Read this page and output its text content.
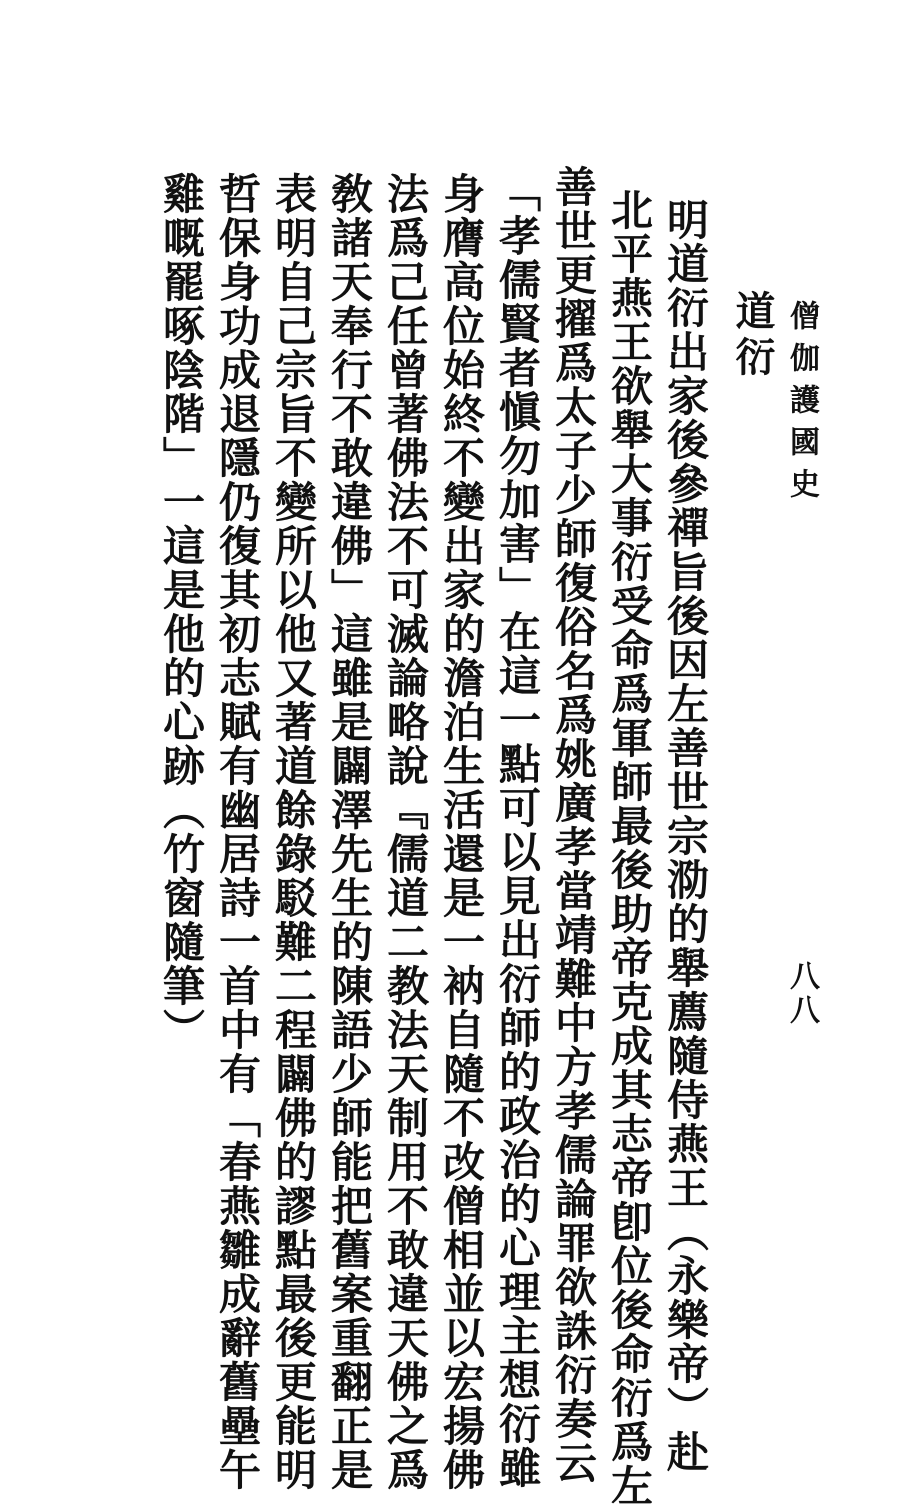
僧伽護國史
八八
道衍
明道衍出家後參禪旨後因左善世宗泐的舉薦隨侍燕王（永樂帝）赴
北平燕王欲舉大事衍受命爲軍師最後助帝克成其志帝卽位後命衍爲左
善世更擢爲太子少師復俗名爲姚廣孝當靖難中方孝儒論罪欲誅衍奏云
「孝儒賢者愼勿加害」在這一點可以見出衍師的政治的心理主想衍雖
身膺高位始終不變出家的澹泊生活還是一衲自隨不改僧相並以宏揚佛
法爲己任曾著佛法不可滅論略說『儒道二教法天制用不敢違天佛之爲
敎諸天奉行不敢違佛」這雖是闢澤先生的陳語少師能把舊案重翻正是
表明自己宗旨不變所以他又著道餘錄駁難二程闢佛的謬點最後更能明
哲保身功成退隱仍復其初志賦有幽居詩一首中有「春燕雛成辭舊壘午
雞嘅罷啄陰階」一這是他的心跡（竹窗隨筆）
